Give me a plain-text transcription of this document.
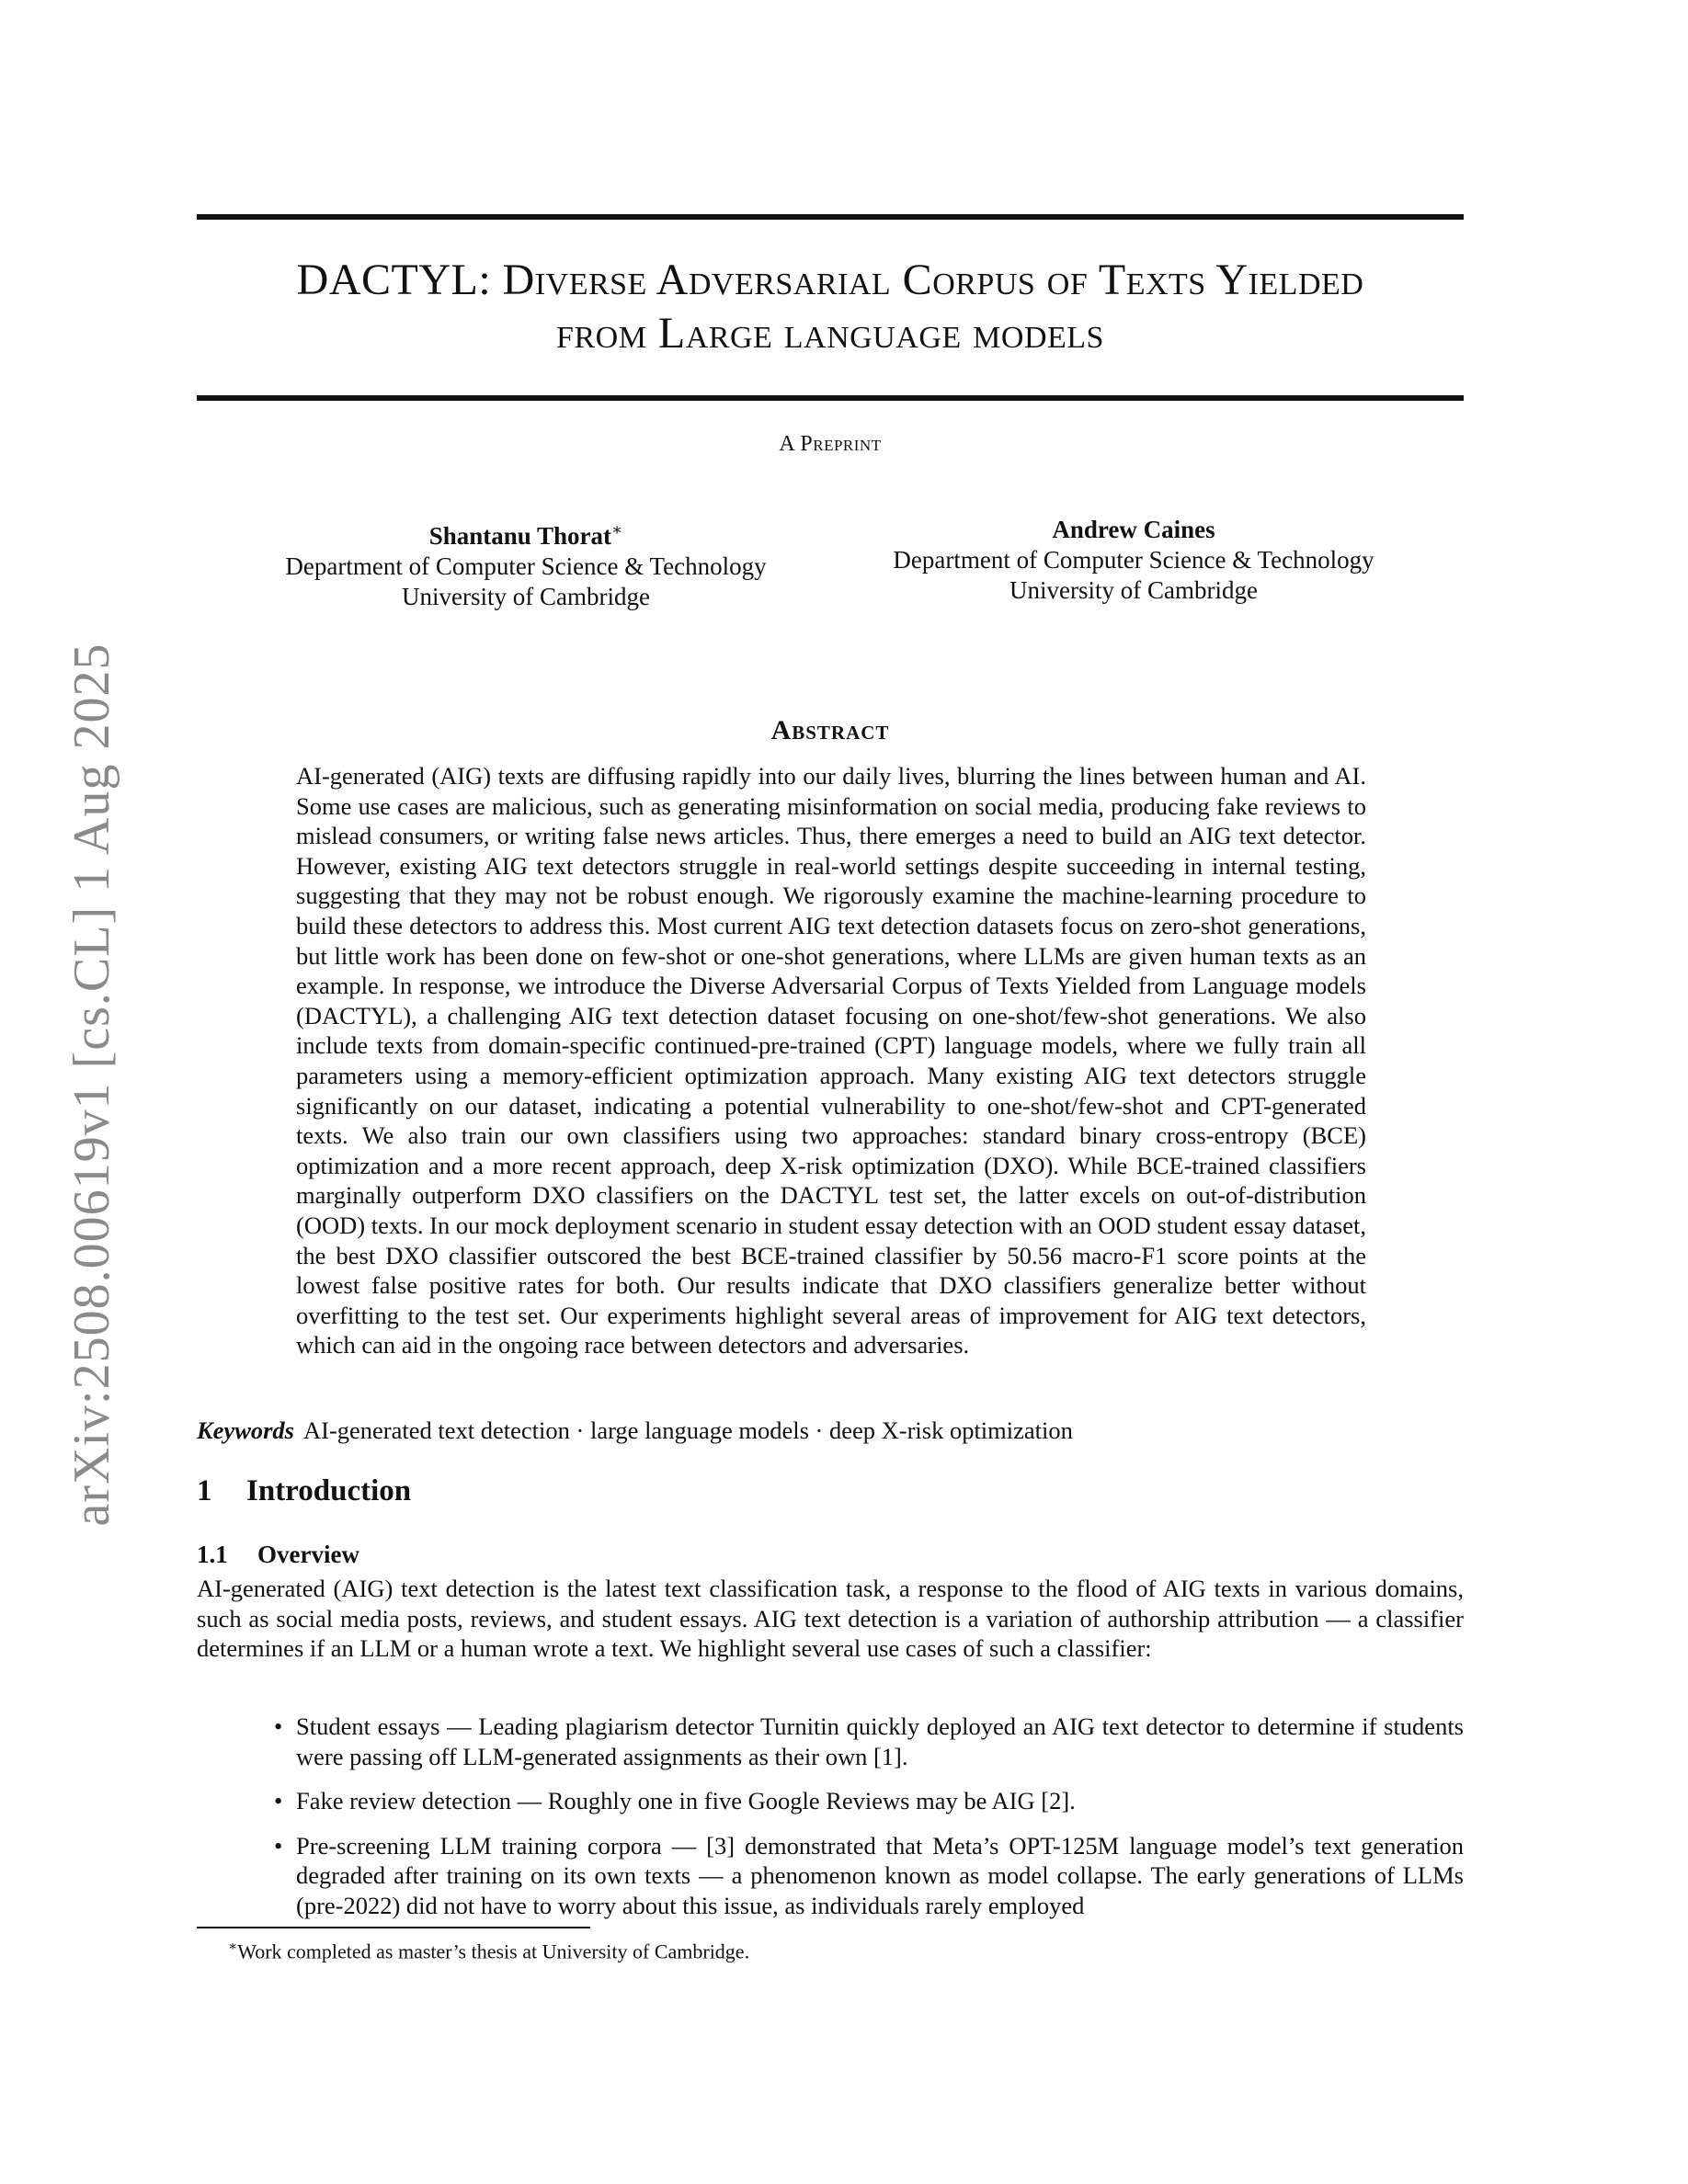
arXiv:2508.00619v1 [cs.CL] 1 Aug 2025
DACTYL: Diverse Adversarial Corpus of Texts Yielded
from Large language models
A Preprint
Shantanu Thorat∗
Department of Computer Science & Technology
University of Cambridge
Andrew Caines
Department of Computer Science & Technology
University of Cambridge
Abstract
AI-generated (AIG) texts are diffusing rapidly into our daily lives, blurring the lines between human and AI. Some use cases are malicious, such as generating misinformation on social media, producing fake reviews to mislead consumers, or writing false news articles. Thus, there emerges a need to build an AIG text detector. However, existing AIG text detectors struggle in real-world settings despite succeeding in internal testing, suggesting that they may not be robust enough. We rigorously examine the machine-learning procedure to build these detectors to address this. Most current AIG text detection datasets focus on zero-shot generations, but little work has been done on few-shot or one-shot generations, where LLMs are given human texts as an example. In response, we introduce the Diverse Adversarial Corpus of Texts Yielded from Language models (DACTYL), a challenging AIG text detection dataset focusing on one-shot/few-shot generations. We also include texts from domain-specific continued-pre-trained (CPT) language models, where we fully train all parameters using a memory-efficient optimization approach. Many existing AIG text detectors struggle significantly on our dataset, indicating a potential vulnerability to one-shot/few-shot and CPT-generated texts. We also train our own classifiers using two approaches: standard binary cross-entropy (BCE) optimization and a more recent approach, deep X-risk optimization (DXO). While BCE-trained classifiers marginally outperform DXO classifiers on the DACTYL test set, the latter excels on out-of-distribution (OOD) texts. In our mock deployment scenario in student essay detection with an OOD student essay dataset, the best DXO classifier outscored the best BCE-trained classifier by 50.56 macro-F1 score points at the lowest false positive rates for both. Our results indicate that DXO classifiers generalize better without overfitting to the test set. Our experiments highlight several areas of improvement for AIG text detectors, which can aid in the ongoing race between detectors and adversaries.
Keywords AI-generated text detection · large language models · deep X-risk optimization
1 Introduction
1.1 Overview

AI-generated (AIG) text detection is the latest text classification task, a response to the flood of AIG texts in various domains, such as social media posts, reviews, and student essays. AIG text detection is a variation of authorship attribution — a classifier determines if an LLM or a human wrote a text. We highlight several use cases of such a classifier:

• Student essays — Leading plagiarism detector Turnitin quickly deployed an AIG text detector to determine if students were passing off LLM-generated assignments as their own [1].
• Fake review detection — Roughly one in five Google Reviews may be AIG [2].
• Pre-screening LLM training corpora — [3] demonstrated that Meta’s OPT-125M language model’s text generation degraded after training on its own texts — a phenomenon known as model collapse. The early generations of LLMs (pre-2022) did not have to worry about this issue, as individuals rarely employed
∗Work completed as master’s thesis at University of Cambridge.
